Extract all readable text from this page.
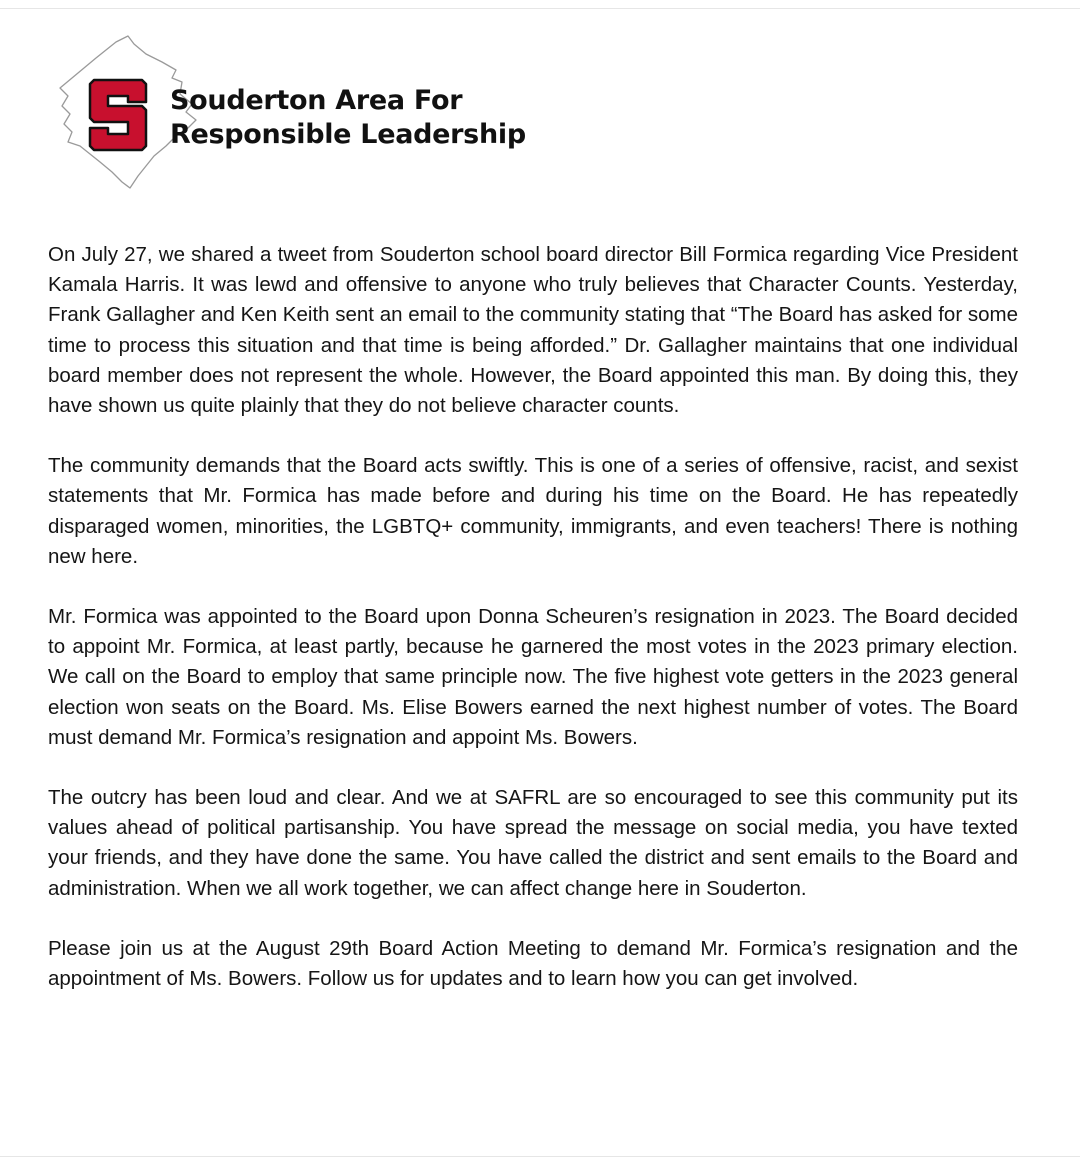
Souderton Area For
Responsible Leadership

On July 27, we shared a tweet from Souderton school board director Bill Formica regarding Vice President Kamala Harris. It was lewd and offensive to anyone who truly believes that Character Counts. Yesterday, Frank Gallagher and Ken Keith sent an email to the community stating that “The Board has asked for some time to process this situation and that time is being afforded.” Dr. Gallagher maintains that one individual board member does not represent the whole. However, the Board appointed this man. By doing this, they have shown us quite plainly that they do not believe character counts.

The community demands that the Board acts swiftly. This is one of a series of offensive, racist, and sexist statements that Mr. Formica has made before and during his time on the Board. He has repeatedly disparaged women, minorities, the LGBTQ+ community, immigrants, and even teachers! There is nothing new here.

Mr. Formica was appointed to the Board upon Donna Scheuren’s resignation in 2023. The Board decided to appoint Mr. Formica, at least partly, because he garnered the most votes in the 2023 primary election. We call on the Board to employ that same principle now. The five highest vote getters in the 2023 general election won seats on the Board. Ms. Elise Bowers earned the next highest number of votes. The Board must demand Mr. Formica’s resignation and appoint Ms. Bowers.

The outcry has been loud and clear. And we at SAFRL are so encouraged to see this community put its values ahead of political partisanship. You have spread the message on social media, you have texted your friends, and they have done the same. You have called the district and sent emails to the Board and administration. When we all work together, we can affect change here in Souderton.

Please join us at the August 29th Board Action Meeting to demand Mr. Formica’s resignation and the appointment of Ms. Bowers. Follow us for updates and to learn how you can get involved.
